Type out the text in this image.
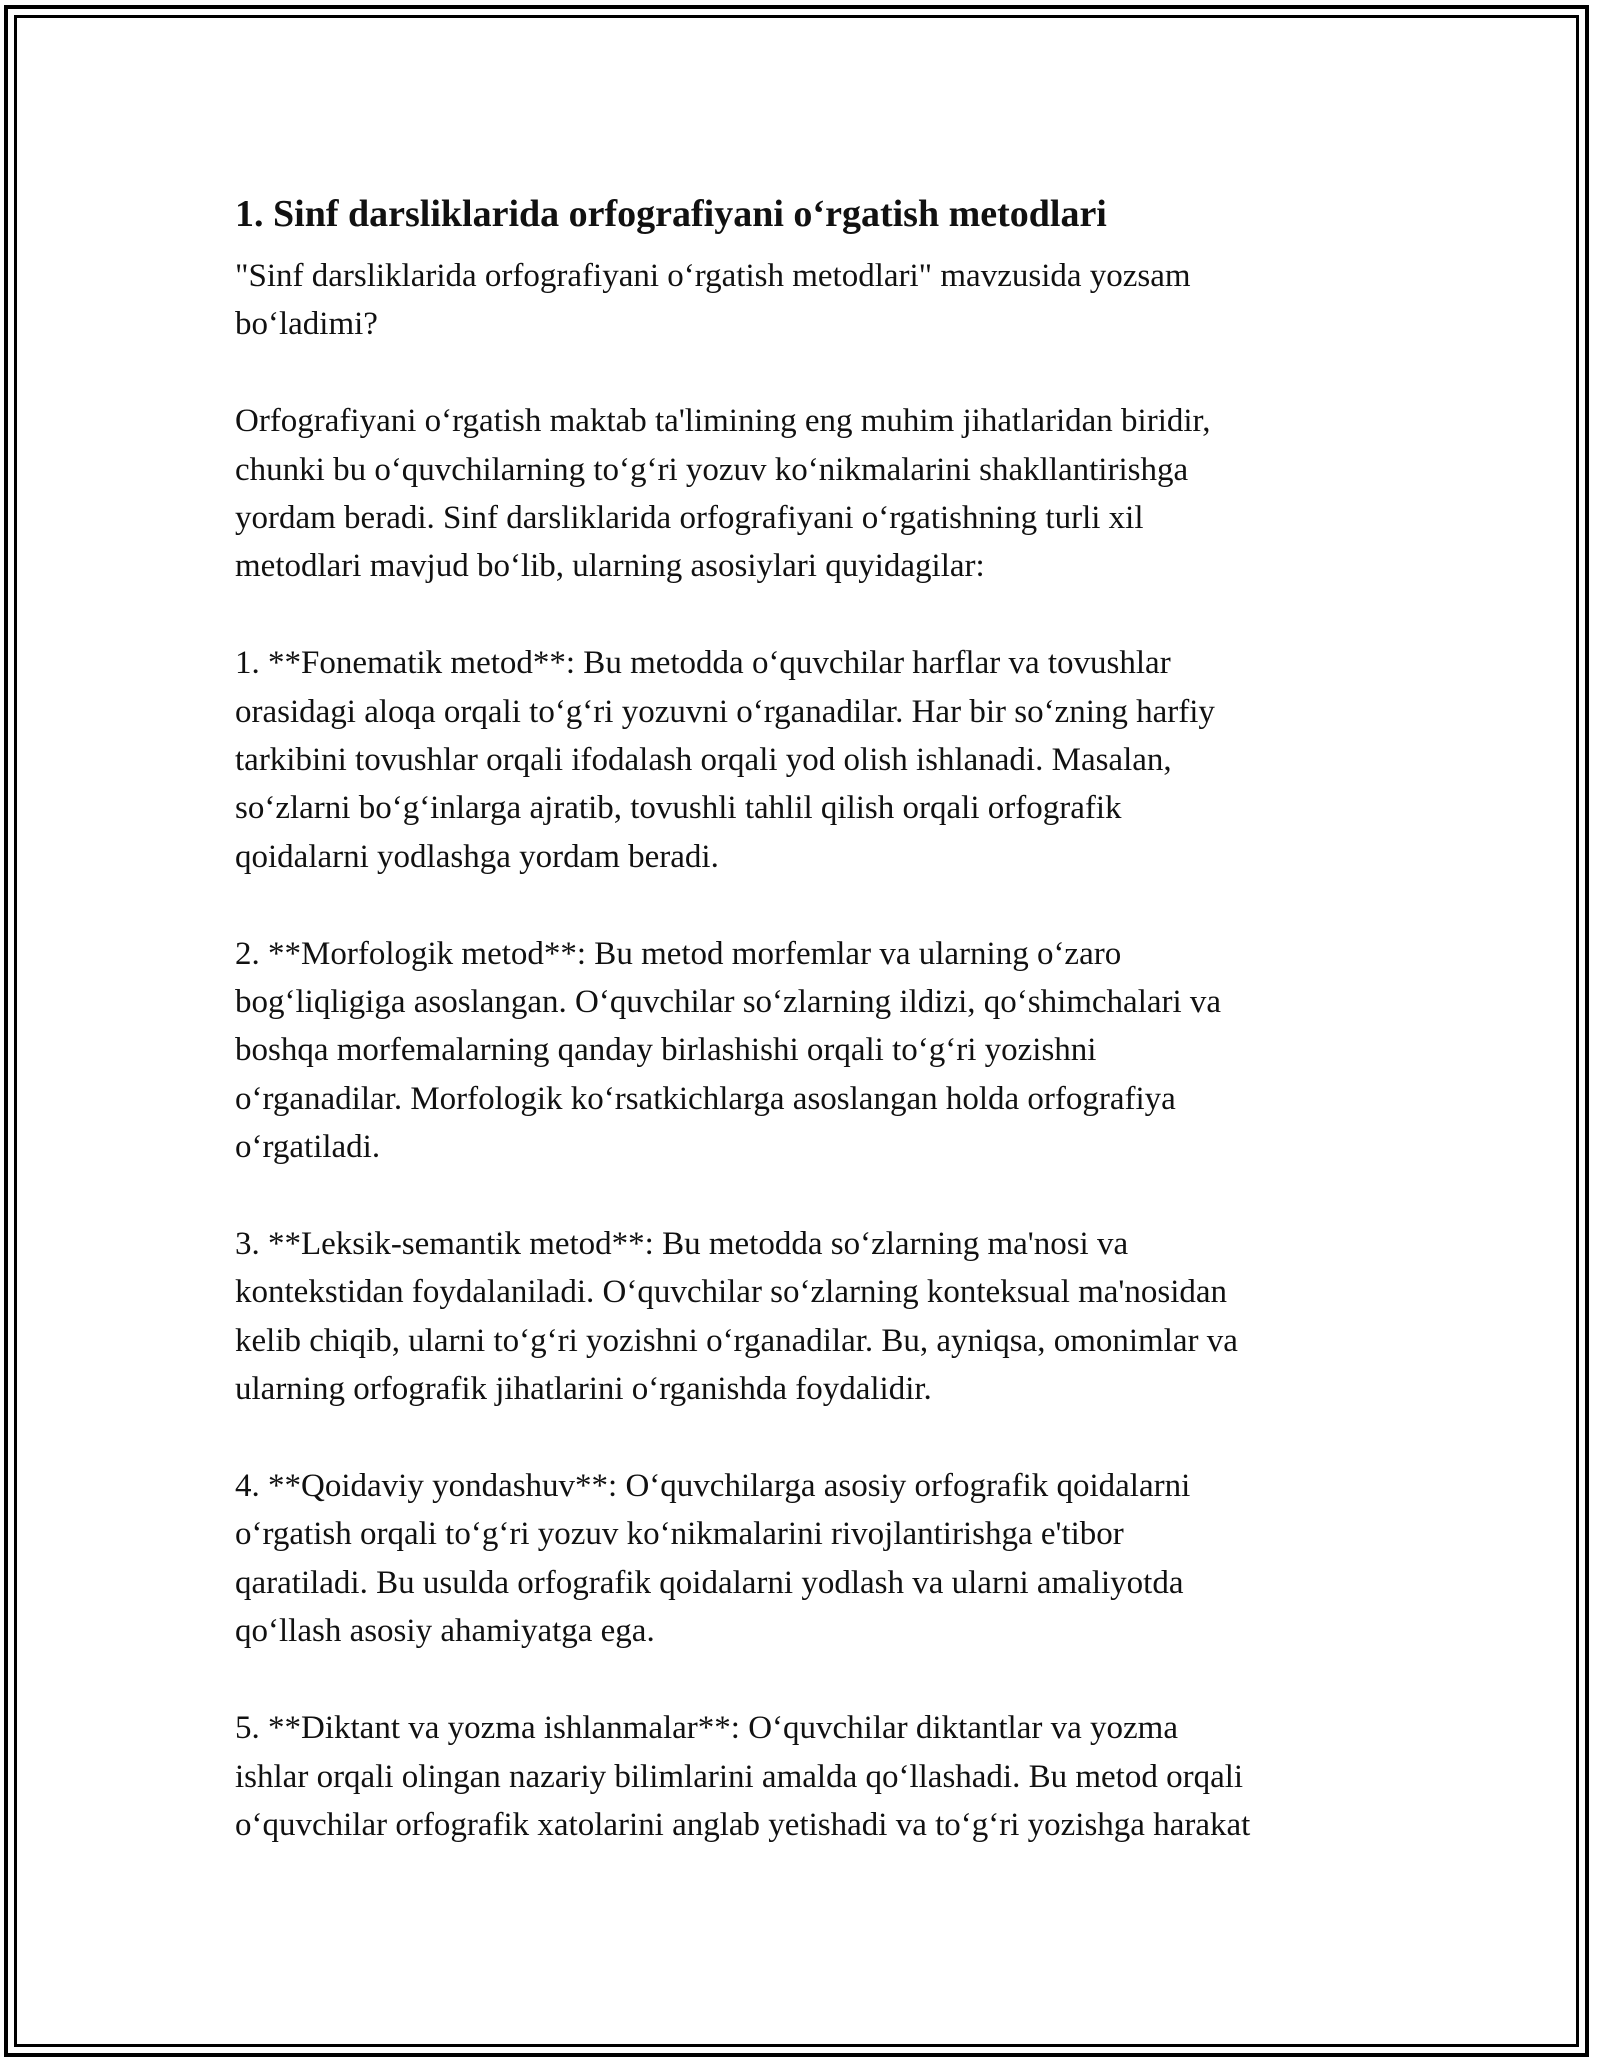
1. Sinf darsliklarida orfografiyani o‘rgatish metodlari

"Sinf darsliklarida orfografiyani o‘rgatish metodlari" mavzusida yozsam
bo‘ladimi?

Orfografiyani o‘rgatish maktab ta'limining eng muhim jihatlaridan biridir,
chunki bu o‘quvchilarning to‘g‘ri yozuv ko‘nikmalarini shakllantirishga
yordam beradi. Sinf darsliklarida orfografiyani o‘rgatishning turli xil
metodlari mavjud bo‘lib, ularning asosiylari quyidagilar:

1. **Fonematik metod**: Bu metodda o‘quvchilar harflar va tovushlar
orasidagi aloqa orqali to‘g‘ri yozuvni o‘rganadilar. Har bir so‘zning harfiy
tarkibini tovushlar orqali ifodalash orqali yod olish ishlanadi. Masalan,
so‘zlarni bo‘g‘inlarga ajratib, tovushli tahlil qilish orqali orfografik
qoidalarni yodlashga yordam beradi.

2. **Morfologik metod**: Bu metod morfemlar va ularning o‘zaro
bog‘liqligiga asoslangan. O‘quvchilar so‘zlarning ildizi, qo‘shimchalari va
boshqa morfemalarning qanday birlashishi orqali to‘g‘ri yozishni
o‘rganadilar. Morfologik ko‘rsatkichlarga asoslangan holda orfografiya
o‘rgatiladi.

3. **Leksik-semantik metod**: Bu metodda so‘zlarning ma'nosi va
kontekstidan foydalaniladi. O‘quvchilar so‘zlarning konteksual ma'nosidan
kelib chiqib, ularni to‘g‘ri yozishni o‘rganadilar. Bu, ayniqsa, omonimlar va
ularning orfografik jihatlarini o‘rganishda foydalidir.

4. **Qoidaviy yondashuv**: O‘quvchilarga asosiy orfografik qoidalarni
o‘rgatish orqali to‘g‘ri yozuv ko‘nikmalarini rivojlantirishga e'tibor
qaratiladi. Bu usulda orfografik qoidalarni yodlash va ularni amaliyotda
qo‘llash asosiy ahamiyatga ega.

5. **Diktant va yozma ishlanmalar**: O‘quvchilar diktantlar va yozma
ishlar orqali olingan nazariy bilimlarini amalda qo‘llashadi. Bu metod orqali
o‘quvchilar orfografik xatolarini anglab yetishadi va to‘g‘ri yozishga harakat
